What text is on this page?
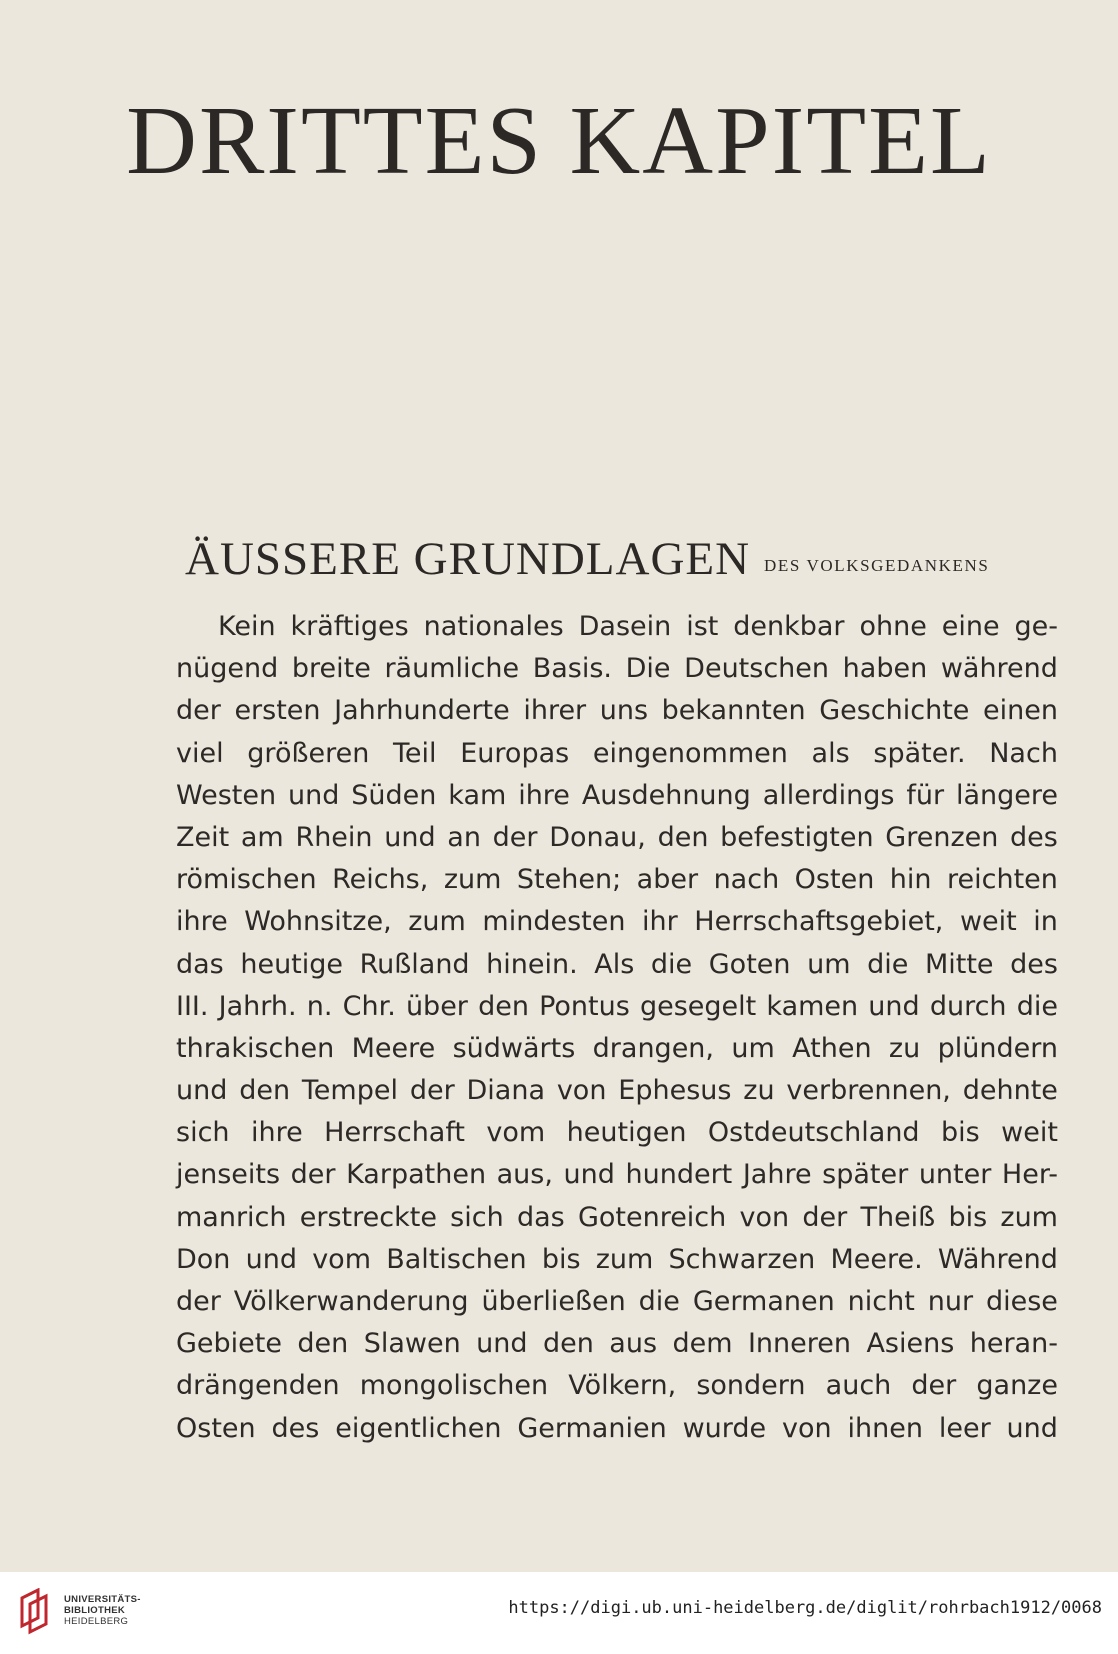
DRITTES KAPITEL
ÄUSSERE GRUNDLAGEN DES VOLKSGEDANKENS
Kein kräftiges nationales Dasein ist denkbar ohne eine ge-
nügend breite räumliche Basis. Die Deutschen haben während
der ersten Jahrhunderte ihrer uns bekannten Geschichte einen
viel größeren Teil Europas eingenommen als später. Nach
Westen und Süden kam ihre Ausdehnung allerdings für längere
Zeit am Rhein und an der Donau, den befestigten Grenzen des
römischen Reichs, zum Stehen; aber nach Osten hin reichten
ihre Wohnsitze, zum mindesten ihr Herrschaftsgebiet, weit in
das heutige Rußland hinein. Als die Goten um die Mitte des
III. Jahrh. n. Chr. über den Pontus gesegelt kamen und durch die
thrakischen Meere südwärts drangen, um Athen zu plündern
und den Tempel der Diana von Ephesus zu verbrennen, dehnte
sich ihre Herrschaft vom heutigen Ostdeutschland bis weit
jenseits der Karpathen aus, und hundert Jahre später unter Her-
manrich erstreckte sich das Gotenreich von der Theiß bis zum
Don und vom Baltischen bis zum Schwarzen Meere. Während
der Völkerwanderung überließen die Germanen nicht nur diese
Gebiete den Slawen und den aus dem Inneren Asiens heran-
drängenden mongolischen Völkern, sondern auch der ganze
Osten des eigentlichen Germanien wurde von ihnen leer und
UNIVERSITÄTS-
BIBLIOTHEK
HEIDELBERG
https://digi.ub.uni-heidelberg.de/diglit/rohrbach1912/0068
